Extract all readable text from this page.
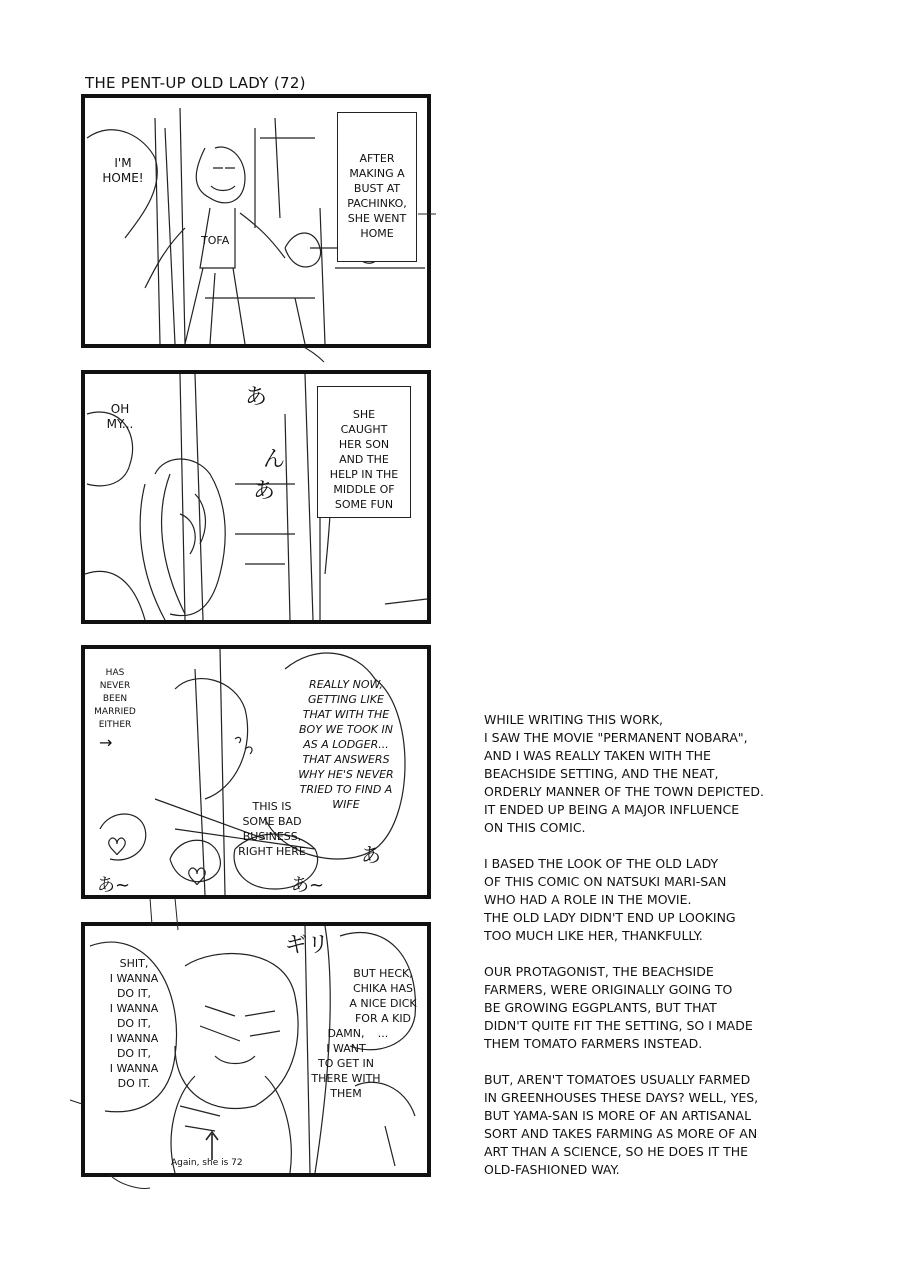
THE PENT-UP OLD LADY (72)
TOFA
I'M
HOME!
AFTER
MAKING A
BUST AT
PACHINKO,
SHE WENT
HOME
OH
MY...
あ
ん
あ
SHE
CAUGHT
HER SON
AND THE
HELP IN THE
MIDDLE OF
SOME FUN
HAS
NEVER
BEEN
MARRIED
EITHER
→
REALLY NOW,
GETTING LIKE
THAT WITH THE
BOY WE TOOK IN
AS A LODGER...
THAT ANSWERS
WHY HE'S NEVER
TRIED TO FIND A
WIFE
THIS IS
SOME BAD
BUSINESS,
RIGHT HERE
あ~
あ
あ~
SHIT,
I WANNA
DO IT,
I WANNA
DO IT,
I WANNA
DO IT,
I WANNA
DO IT.
BUT HECK,
CHIKA HAS
A NICE DICK
FOR A KID
...
DAMN,
I WANT
TO GET IN
THERE WITH
THEM
ギリ
Again, she is 72

WHILE WRITING THIS WORK,
I SAW THE MOVIE "PERMANENT NOBARA",
AND I WAS REALLY TAKEN WITH THE
BEACHSIDE SETTING, AND THE NEAT,
ORDERLY MANNER OF THE TOWN DEPICTED.
IT ENDED UP BEING A MAJOR INFLUENCE
ON THIS COMIC.

I BASED THE LOOK OF THE OLD LADY
OF THIS COMIC ON NATSUKI MARI-SAN
WHO HAD A ROLE IN THE MOVIE.
THE OLD LADY DIDN'T END UP LOOKING
TOO MUCH LIKE HER, THANKFULLY.

OUR PROTAGONIST, THE BEACHSIDE
FARMERS, WERE ORIGINALLY GOING TO
BE GROWING EGGPLANTS, BUT THAT
DIDN'T QUITE FIT THE SETTING, SO I MADE
THEM TOMATO FARMERS INSTEAD.

BUT, AREN'T TOMATOES USUALLY FARMED
IN GREENHOUSES THESE DAYS? WELL, YES,
BUT YAMA-SAN IS MORE OF AN ARTISANAL
SORT AND TAKES FARMING AS MORE OF AN
ART THAN A SCIENCE, SO HE DOES IT THE
OLD-FASHIONED WAY.
